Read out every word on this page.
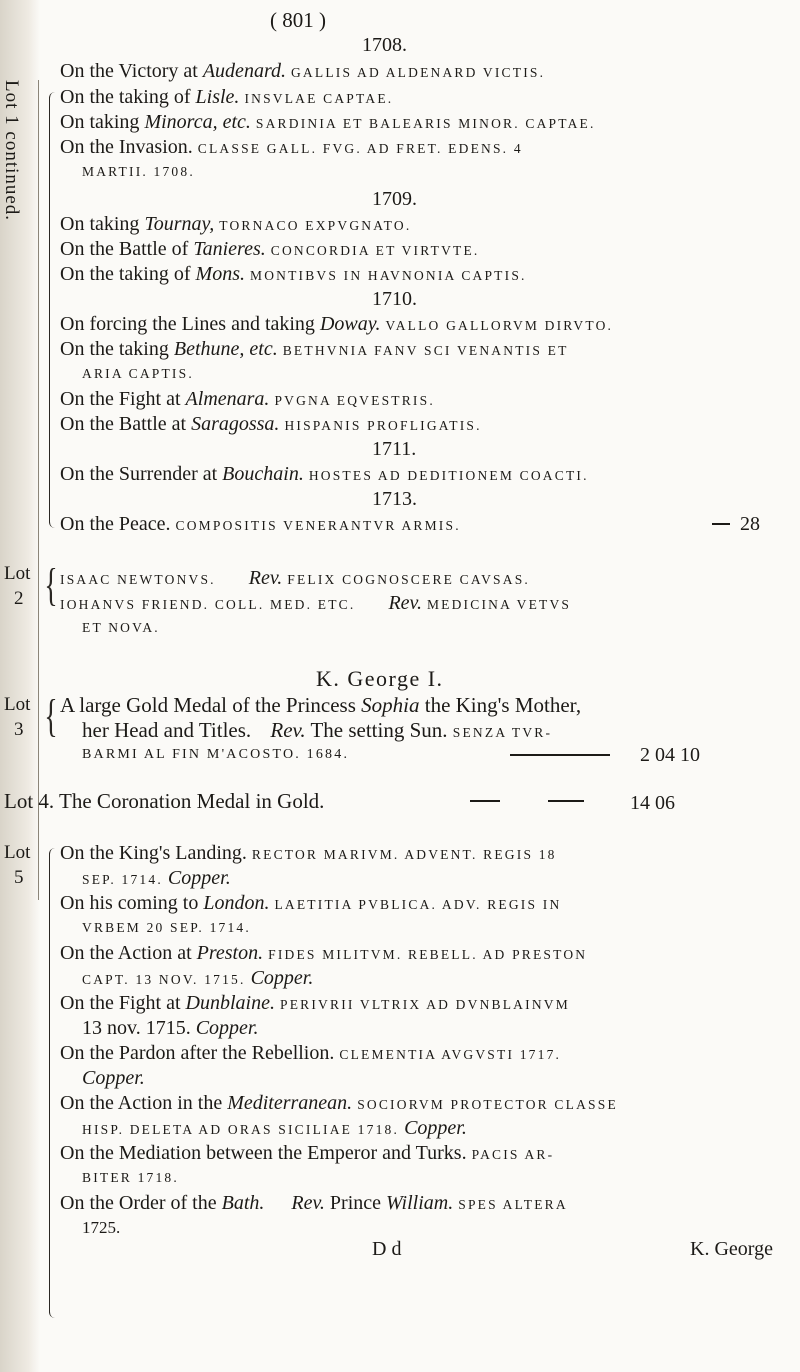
Lot 1 continued.
( 801 )
1708.
On the Victory at Audenard. GALLIS AD ALDENARD VICTIS.
On the taking of Lisle. INSVLAE CAPTAE.
On taking Minorca, etc. SARDINIA ET BALEARIS MINOR. CAPTAE.
On the Invasion. CLASSE GALL. FVG. AD FRET. EDENS. 4
MARTII. 1708.
1709.
On taking Tournay, TORNACO EXPVGNATO.
On the Battle of Tanieres. CONCORDIA ET VIRTVTE.
On the taking of Mons. MONTIBVS IN HAVNONIA CAPTIS.
1710.
On forcing the Lines and taking Doway. VALLO GALLORVM DIRVTO.
On the taking Bethune, etc. BETHVNIA FANV SCI VENANTIS ET
ARIA CAPTIS.
On the Fight at Almenara. PVGNA EQVESTRIS.
On the Battle at Saragossa. HISPANIS PROFLIGATIS.
1711.
On the Surrender at Bouchain. HOSTES AD DEDITIONEM COACTI.
1713.
On the Peace. COMPOSITIS VENERANTVR ARMIS.	28
Lot
2 { ISAAC NEWTONVS. Rev. FELIX COGNOSCERE CAVSAS.
IOHANVS FRIEND. COLL. MED. ETC. Rev. MEDICINA VETVS
ET NOVA.
K. George I.
Lot
3 { A large Gold Medal of the Princess Sophia the King's Mother,
her Head and Titles. Rev. The setting Sun. SENZA TVR-
BARMI AL FIN M'ACOSTO. 1684.	2 04 10
Lot 4. The Coronation Medal in Gold.	14 06
Lot
5
On the King's Landing. RECTOR MARIVM. ADVENT. REGIS 18
SEP. 1714. Copper.
On his coming to London. LAETITIA PVBLICA. ADV. REGIS IN
VRBEM 20 SEP. 1714.
On the Action at Preston. FIDES MILITVM. REBELL. AD PRESTON
CAPT. 13 NOV. 1715. Copper.
On the Fight at Dunblaine. PERIVRII VLTRIX AD DVNBLAINVM
13 nov. 1715. Copper.
On the Pardon after the Rebellion. CLEMENTIA AVGVSTI 1717.
Copper.
On the Action in the Mediterranean. SOCIORVM PROTECTOR CLASSE
HISP. DELETA AD ORAS SICILIAE 1718. Copper.
On the Mediation between the Emperor and Turks. PACIS AR-
BITER 1718.
On the Order of the Bath. Rev. Prince William. SPES ALTERA
1725.
D d	K. George
